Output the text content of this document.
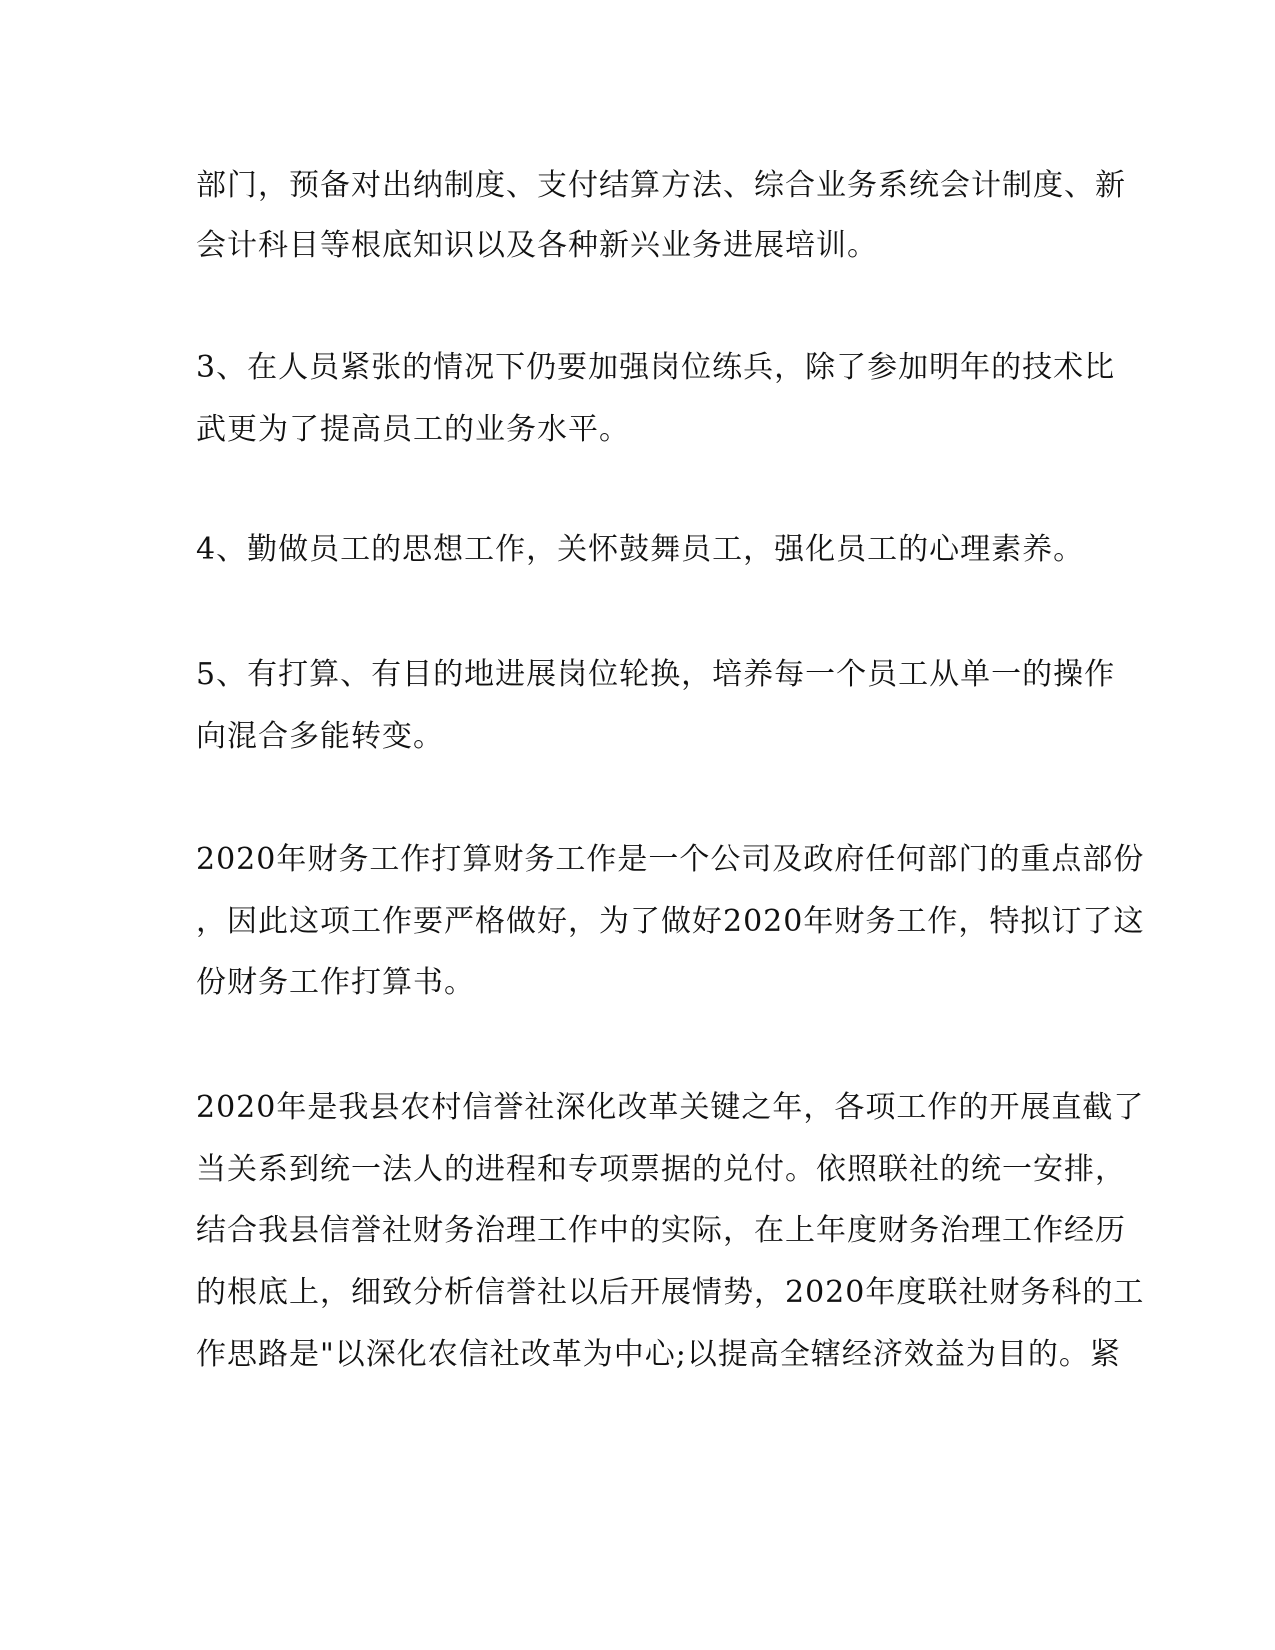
部门，预备对出纳制度、支付结算方法、综合业务系统会计制度、新
会计科目等根底知识以及各种新兴业务进展培训。
3、在人员紧张的情况下仍要加强岗位练兵，除了参加明年的技术比
武更为了提高员工的业务水平。
4、勤做员工的思想工作，关怀鼓舞员工，强化员工的心理素养。
5、有打算、有目的地进展岗位轮换，培养每一个员工从单一的操作
向混合多能转变。
2020年财务工作打算财务工作是一个公司及政府任何部门的重点部份
，因此这项工作要严格做好，为了做好2020年财务工作，特拟订了这
份财务工作打算书。
2020年是我县农村信誉社深化改革关键之年，各项工作的开展直截了
当关系到统一法人的进程和专项票据的兑付。依照联社的统一安排，
结合我县信誉社财务治理工作中的实际，在上年度财务治理工作经历
的根底上，细致分析信誉社以后开展情势，2020年度联社财务科的工
作思路是"以深化农信社改革为中心;以提高全辖经济效益为目的。紧
